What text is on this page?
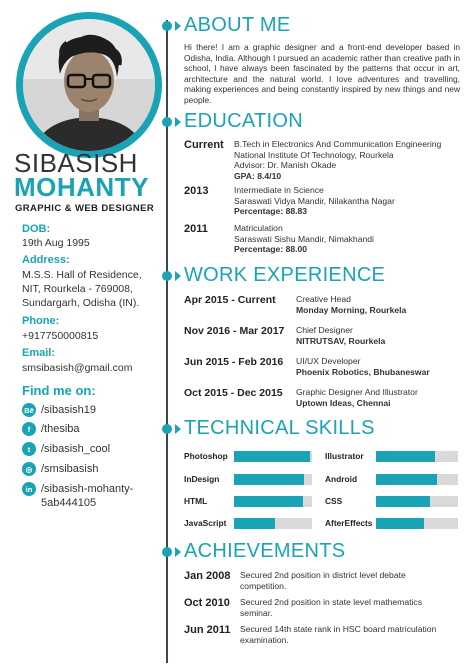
SIBASISH
MOHANTY
GRAPHIC & WEB DESIGNER
DOB:
19th Aug 1995
Address:
M.S.S. Hall of Residence,
NIT, Rourkela - 769008,
Sundargarh, Odisha (IN).
Phone:
+917750000815
Email:
smsibasish@gmail.com
Find me on:
Bē /sibasish19
f /thesiba
t /sibasish_cool
◎ /smsibasish
in /sibasish-mohanty-
5ab444105
ABOUT ME
Hi there! I am a graphic designer and a front-end developer based in Odisha, India. Although I pursued an academic rather than creative path in school, I have always been fascinated by the patterns that occur in art, architecture and the natural world. I love adventures and travelling, making experiences and being constantly inspired by new things and new people.
EDUCATION
Current B.Tech in Electronics And Communication Engineering
National Institute Of Technology, Rourkela
Advisor: Dr. Manish Okade
GPA: 8.4/10
2013	Intermediate in Science
Saraswati Vidya Mandir, Nilakantha Nagar
Percentage: 88.83
2011	Matriculation
Saraswati Sishu Mandir, Nimakhandi
Percentage: 88.00
WORK EXPERIENCE
Apr 2015 - Current Creative Head
Monday Morning, Rourkela
Nov 2016 - Mar 2017 Chief Designer
NITRUTSAV, Rourkela
Jun 2015 - Feb 2016 UI/UX Developer
Phoenix Robotics, Bhubaneswar
Oct 2015 - Dec 2015 Graphic Designer And Illustrator
Uptown Ideas, Chennai
TECHNICAL SKILLS
Photoshop	Illustrator
InDesign	Android
HTML	CSS
JavaScript	AfterEffects
ACHIEVEMENTS
Jan 2008 Secured 2nd position in district level debate
competition.
Oct 2010 Secured 2nd position in state level mathematics
seminar.
Jun 2011 Secured 14th state rank in HSC board matriculation
examination.
